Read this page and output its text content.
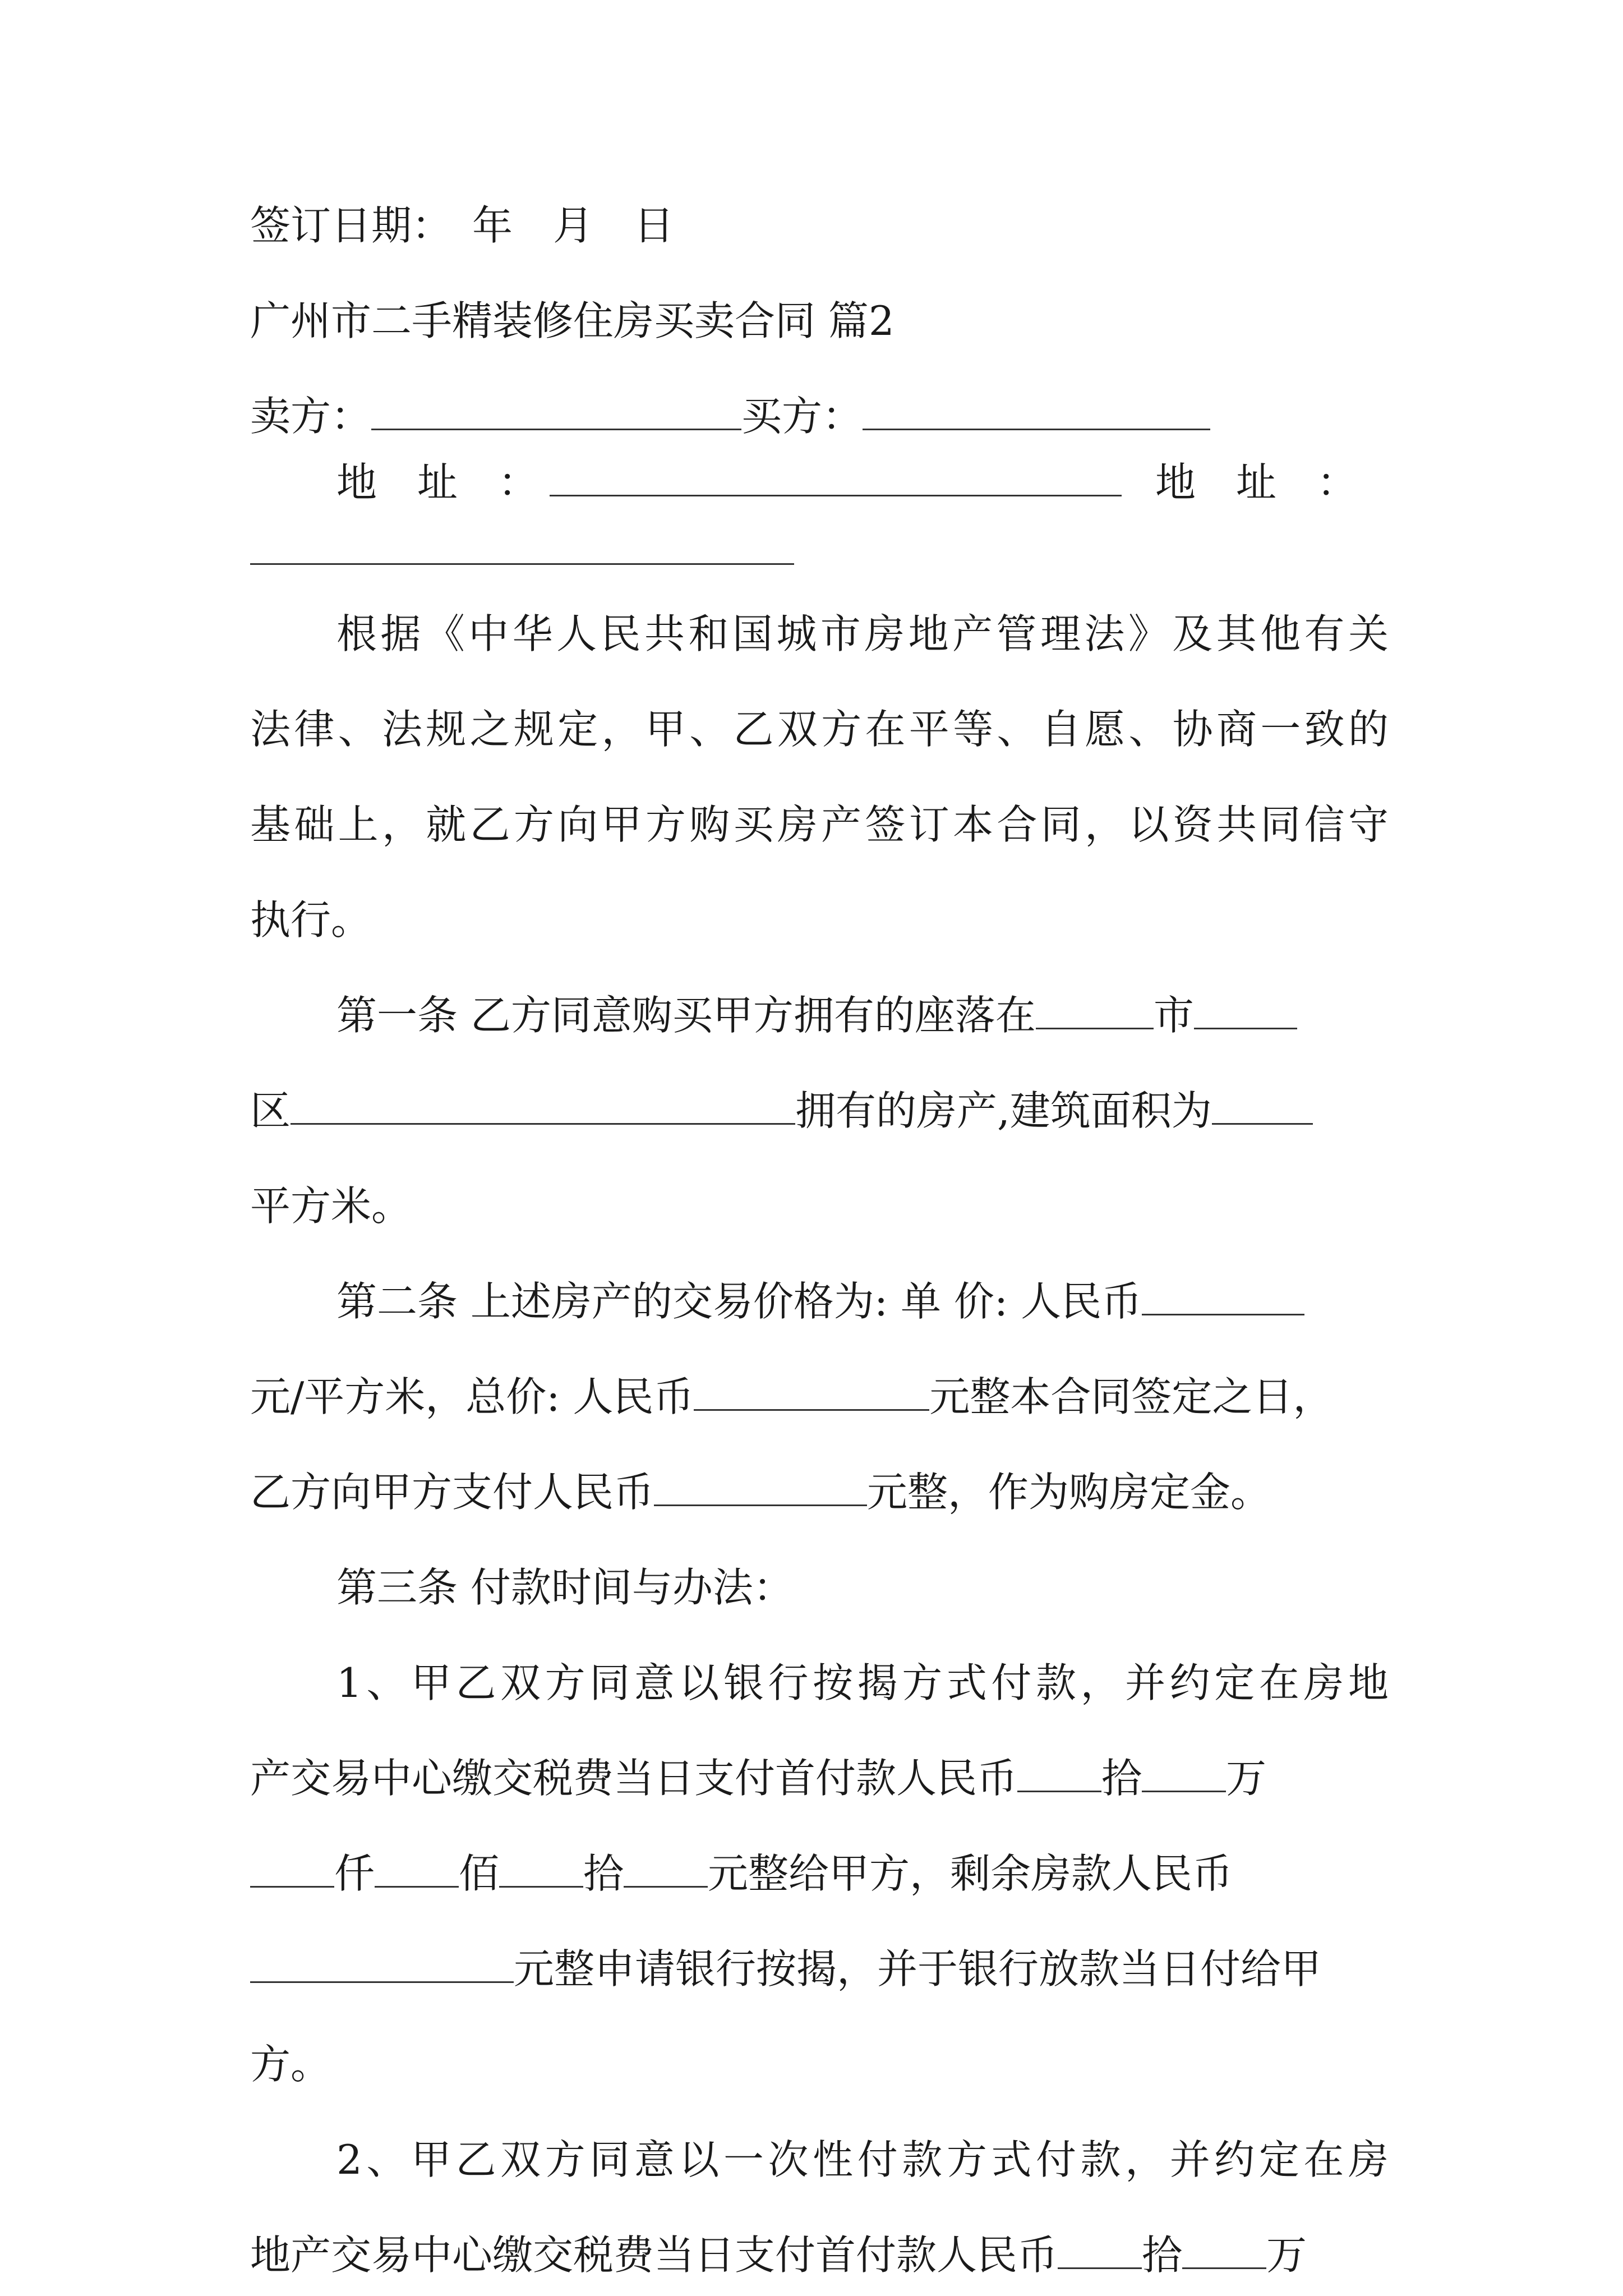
签订日期：　年　月　日
广州市二手精装修住房买卖合同 篇2
卖方：	买方：
地　址　：	地　址　：
根据《中华人民共和国城市房地产管理法》及其他有关
法律、法规之规定，甲、乙双方在平等、自愿、协商一致的
基础上，就乙方向甲方购买房产签订本合同，以资共同信守
执行。
第一条 乙方同意购买甲方拥有的座落在	市
区	拥有的房产,建筑面积为
平方米。
第二条 上述房产的交易价格为: 单 价: 人民币
元/平方米，总价: 人民币	元整本合同签定之日，
乙方向甲方支付人民币	元整，作为购房定金。
第三条 付款时间与办法：
1、甲乙双方同意以银行按揭方式付款，并约定在房地
产交易中心缴交税费当日支付首付款人民币 拾 万
仟 佰 拾 元整给甲方，剩余房款人民币
元整申请银行按揭，并于银行放款当日付给甲
方。
2、甲乙双方同意以一次性付款方式付款，并约定在房
地产交易中心缴交税费当日支付首付款人民币 拾 万
